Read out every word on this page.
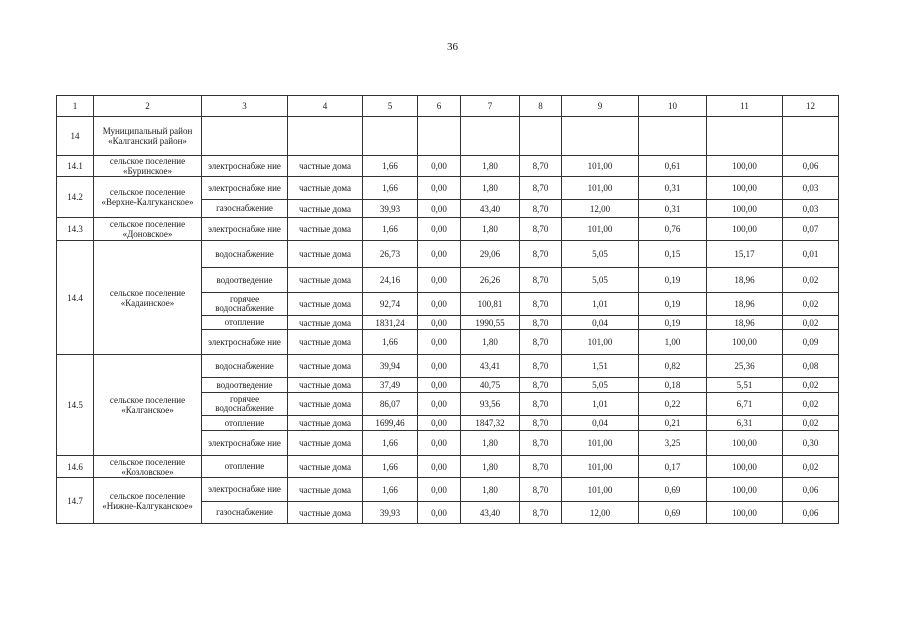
36
1	2	3	4	5	6	7	8	9	10	11	12
14	Муниципальный район «Калганский район»										
14.1	сельское поселение «Буринское»	электроснабже ние	частные дома	1,66	0,00	1,80	8,70	101,00	0,61	100,00	0,06
14.2	сельское поселение «Верхне-Калгуканское»	электроснабже ние	частные дома	1,66	0,00	1,80	8,70	101,00	0,31	100,00	0,03
		газоснабжение	частные дома	39,93	0,00	43,40	8,70	12,00	0,31	100,00	0,03
14.3	сельское поселение «Доновское»	электроснабже ние	частные дома	1,66	0,00	1,80	8,70	101,00	0,76	100,00	0,07
14.4	сельское поселение «Кадаинское»	водоснабжение	частные дома	26,73	0,00	29,06	8,70	5,05	0,15	15,17	0,01
		водоотведение	частные дома	24,16	0,00	26,26	8,70	5,05	0,19	18,96	0,02
		горячее водоснабжение	частные дома	92,74	0,00	100,81	8,70	1,01	0,19	18,96	0,02
		отопление	частные дома	1831,24	0,00	1990,55	8,70	0,04	0,19	18,96	0,02
		электроснабже ние	частные дома	1,66	0,00	1,80	8,70	101,00	1,00	100,00	0,09
14.5	сельское поселение «Калганское»	водоснабжение	частные дома	39,94	0,00	43,41	8,70	1,51	0,82	25,36	0,08
		водоотведение	частные дома	37,49	0,00	40,75	8,70	5,05	0,18	5,51	0,02
		горячее водоснабжение	частные дома	86,07	0,00	93,56	8,70	1,01	0,22	6,71	0,02
		отопление	частные дома	1699,46	0,00	1847,32	8,70	0,04	0,21	6,31	0,02
		электроснабже ние	частные дома	1,66	0,00	1,80	8,70	101,00	3,25	100,00	0,30
14.6	сельское поселение «Козловское»	отопление	частные дома	1,66	0,00	1,80	8,70	101,00	0,17	100,00	0,02
14.7	сельское поселение «Нижне-Калгуканское»	электроснабже ние	частные дома	1,66	0,00	1,80	8,70	101,00	0,69	100,00	0,06
		газоснабжение	частные дома	39,93	0,00	43,40	8,70	12,00	0,69	100,00	0,06
